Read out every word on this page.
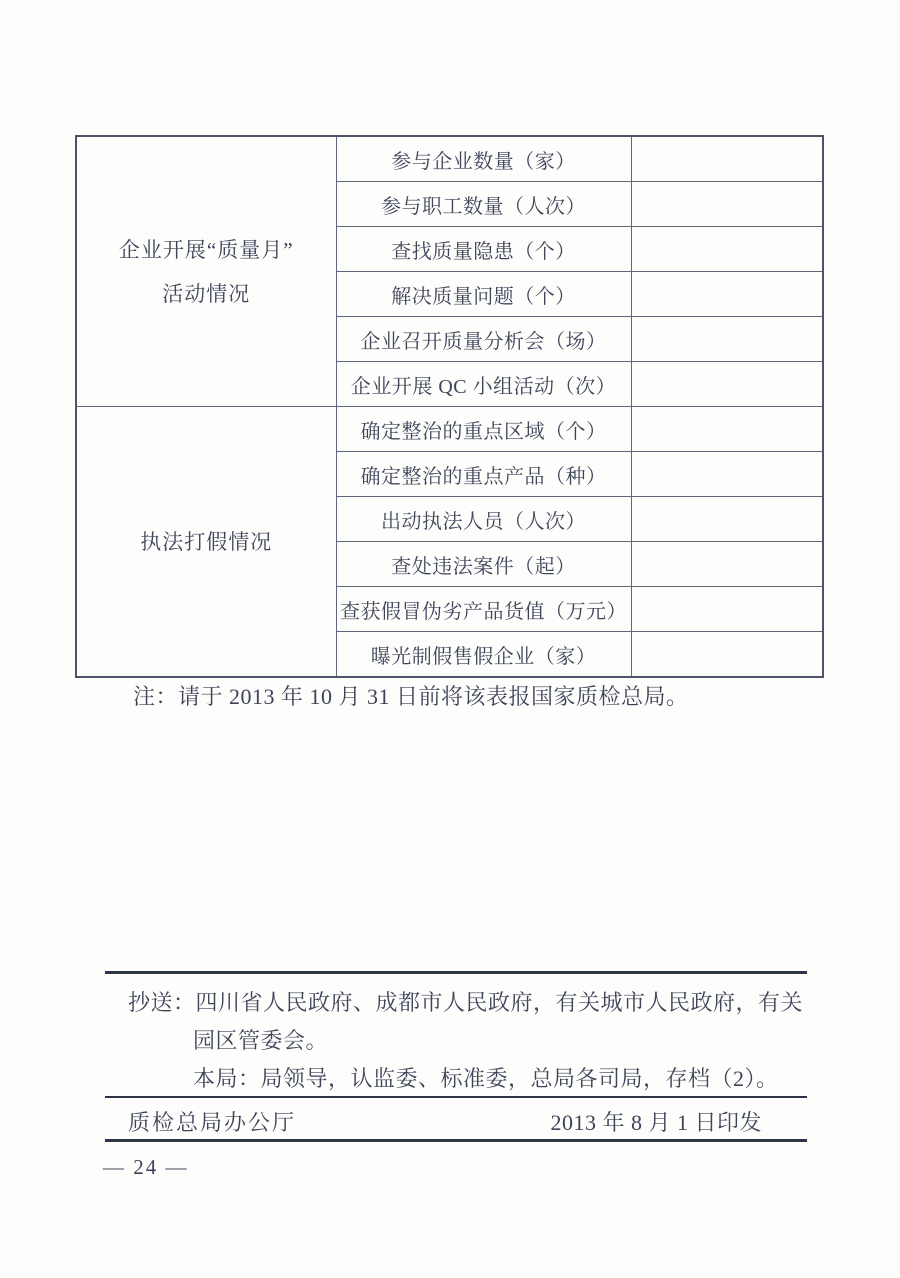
企业开展“质量月”
活动情况	参与企业数量（家）	
	参与职工数量（人次）	
	查找质量隐患（个）	
	解决质量问题（个）	
	企业召开质量分析会（场）	
	企业开展 QC 小组活动（次）	

执法打假情况	确定整治的重点区域（个）	
	确定整治的重点产品（种）	
	出动执法人员（人次）	
	查处违法案件（起）	
	查获假冒伪劣产品货值（万元）	
	曝光制假售假企业（家）	
注：请于 2013 年 10 月 31 日前将该表报国家质检总局。
抄送：四川省人民政府、成都市人民政府，有关城市人民政府，有关
园区管委会。
本局：局领导，认监委、标准委，总局各司局，存档（2）。
质检总局办公厅	2013 年 8 月 1 日印发
— 24 —
